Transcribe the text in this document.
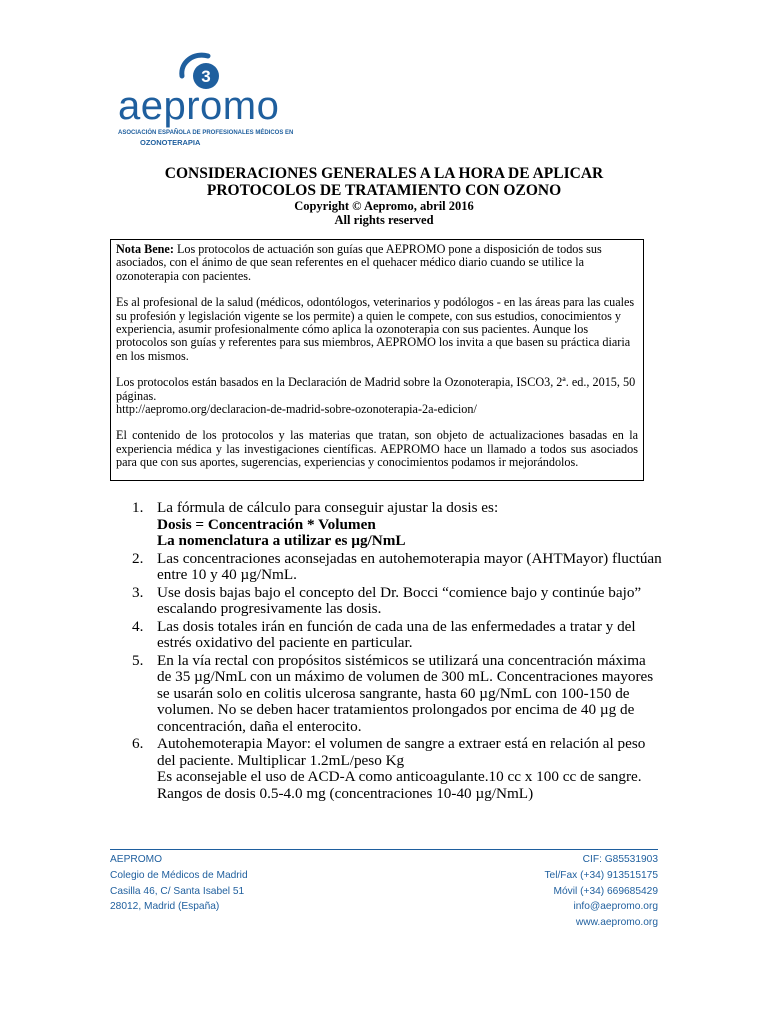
3
aepromo
ASOCIACIÓN ESPAÑOLA DE PROFESIONALES MÉDICOS EN
OZONOTERAPIA
CONSIDERACIONES GENERALES A LA HORA DE APLICAR
PROTOCOLOS DE TRATAMIENTO CON OZONO
Copyright © Aepromo, abril 2016
All rights reserved

Nota Bene: Los protocolos de actuación son guías que AEPROMO pone a disposición de todos sus asociados, con el ánimo de que sean referentes en el quehacer médico diario cuando se utilice la ozonoterapia con pacientes.

Es al profesional de la salud (médicos, odontólogos, veterinarios y podólogos - en las áreas para las cuales su profesión y legislación vigente se los permite) a quien le compete, con sus estudios, conocimientos y experiencia, asumir profesionalmente cómo aplica la ozonoterapia con sus pacientes. Aunque los protocolos son guías y referentes para sus miembros, AEPROMO los invita a que basen su práctica diaria en los mismos.

Los protocolos están basados en la Declaración de Madrid sobre la Ozonoterapia, ISCO3, 2ª. ed., 2015, 50 páginas.
http://aepromo.org/declaracion-de-madrid-sobre-ozonoterapia-2a-edicion/

El contenido de los protocolos y las materias que tratan, son objeto de actualizaciones basadas en la experiencia médica y las investigaciones científicas. AEPROMO hace un llamado a todos sus asociados para que con sus aportes, sugerencias, experiencias y conocimientos podamos ir mejorándolos.

1. La fórmula de cálculo para conseguir ajustar la dosis es:
Dosis = Concentración * Volumen
La nomenclatura a utilizar es µg/NmL
2. Las concentraciones aconsejadas en autohemoterapia mayor (AHTMayor) fluctúan entre 10 y 40 µg/NmL.
3. Use dosis bajas bajo el concepto del Dr. Bocci “comience bajo y continúe bajo” escalando progresivamente las dosis.
4. Las dosis totales irán en función de cada una de las enfermedades a tratar y del estrés oxidativo del paciente en particular.
5. En la vía rectal con propósitos sistémicos se utilizará una concentración máxima de 35 µg/NmL con un máximo de volumen de 300 mL. Concentraciones mayores se usarán solo en colitis ulcerosa sangrante, hasta 60 µg/NmL con 100-150 de volumen. No se deben hacer tratamientos prolongados por encima de 40 µg de concentración, daña el enterocito.
6. Autohemoterapia Mayor: el volumen de sangre a extraer está en relación al peso del paciente. Multiplicar 1.2mL/peso Kg
Es aconsejable el uso de ACD-A como anticoagulante.10 cc x 100 cc de sangre.
Rangos de dosis 0.5-4.0 mg (concentraciones 10-40 µg/NmL)
AEPROMO
Colegio de Médicos de Madrid
Casilla 46, C/ Santa Isabel 51
28012, Madrid (España)
CIF: G85531903
Tel/Fax (+34) 913515175
Móvil (+34) 669685429
info@aepromo.org
www.aepromo.org
